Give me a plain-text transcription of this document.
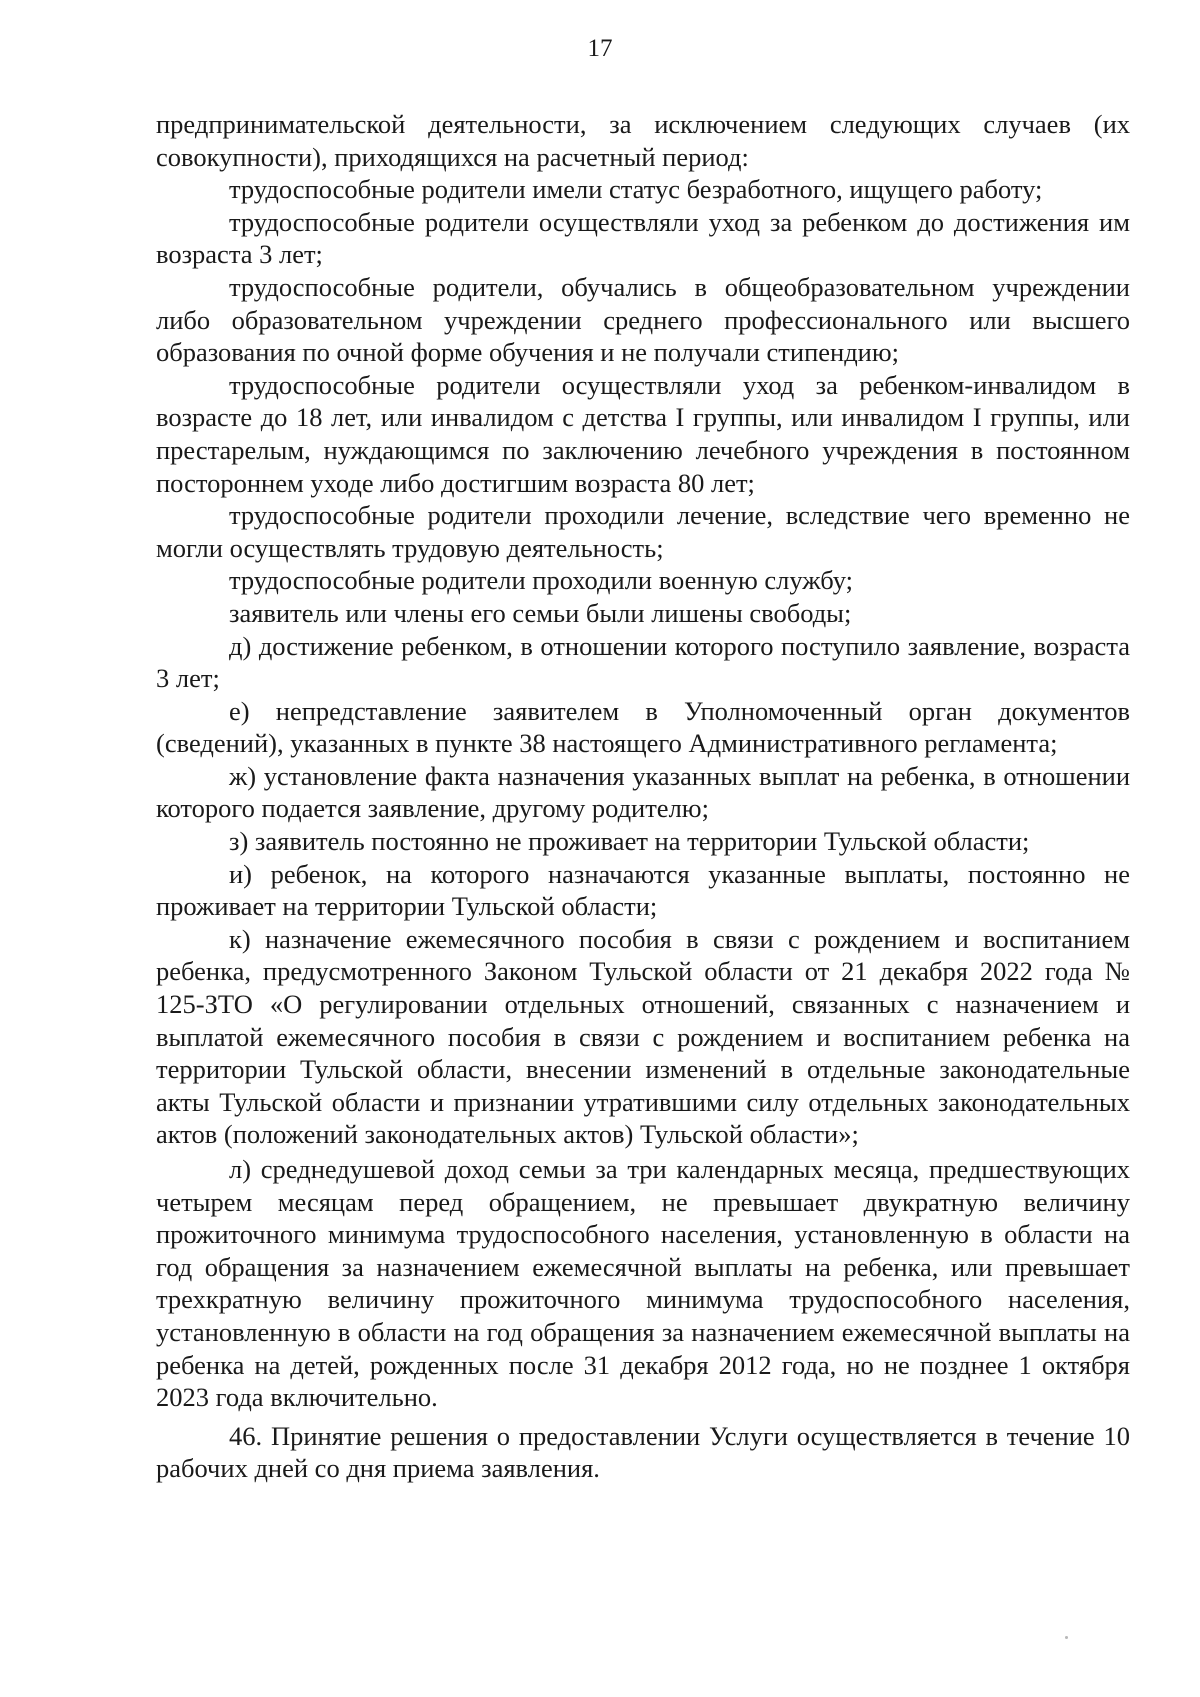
17

предпринимательской деятельности, за исключением следующих случаев (их совокупности), приходящихся на расчетный период:

трудоспособные родители имели статус безработного, ищущего работу;

трудоспособные родители осуществляли уход за ребенком до достижения им возраста 3 лет;

трудоспособные родители, обучались в общеобразовательном учреждении либо образовательном учреждении среднего профессионального или высшего образования по очной форме обучения и не получали стипендию;

трудоспособные родители осуществляли уход за ребенком-инвалидом в возрасте до 18 лет, или инвалидом с детства I группы, или инвалидом I группы, или престарелым, нуждающимся по заключению лечебного учреждения в постоянном постороннем уходе либо достигшим возраста 80 лет;

трудоспособные родители проходили лечение, вследствие чего временно не могли осуществлять трудовую деятельность;

трудоспособные родители проходили военную службу;

заявитель или члены его семьи были лишены свободы;

д) достижение ребенком, в отношении которого поступило заявление, возраста 3 лет;

е) непредставление заявителем в Уполномоченный орган документов (сведений), указанных в пункте 38 настоящего Административного регламента;

ж) установление факта назначения указанных выплат на ребенка, в отношении которого подается заявление, другому родителю;

з) заявитель постоянно не проживает на территории Тульской области;

и) ребенок, на которого назначаются указанные выплаты, постоянно не проживает на территории Тульской области;

к) назначение ежемесячного пособия в связи с рождением и воспитанием ребенка, предусмотренного Законом Тульской области от 21 декабря 2022 года № 125-ЗТО «О регулировании отдельных отношений, связанных с назначением и выплатой ежемесячного пособия в связи с рождением и воспитанием ребенка на территории Тульской области, внесении изменений в отдельные законодательные акты Тульской области и признании утратившими силу отдельных законодательных актов (положений законодательных актов) Тульской области»;

л) среднедушевой доход семьи за три календарных месяца, предшествующих четырем месяцам перед обращением, не превышает двукратную величину прожиточного минимума трудоспособного населения, установленную в области на год обращения за назначением ежемесячной выплаты на ребенка, или превышает трехкратную величину прожиточного минимума трудоспособного населения, установленную в области на год обращения за назначением ежемесячной выплаты на ребенка на детей, рожденных после 31 декабря 2012 года, но не позднее 1 октября 2023 года включительно.

46. Принятие решения о предоставлении Услуги осуществляется в течение 10 рабочих дней со дня приема заявления.
